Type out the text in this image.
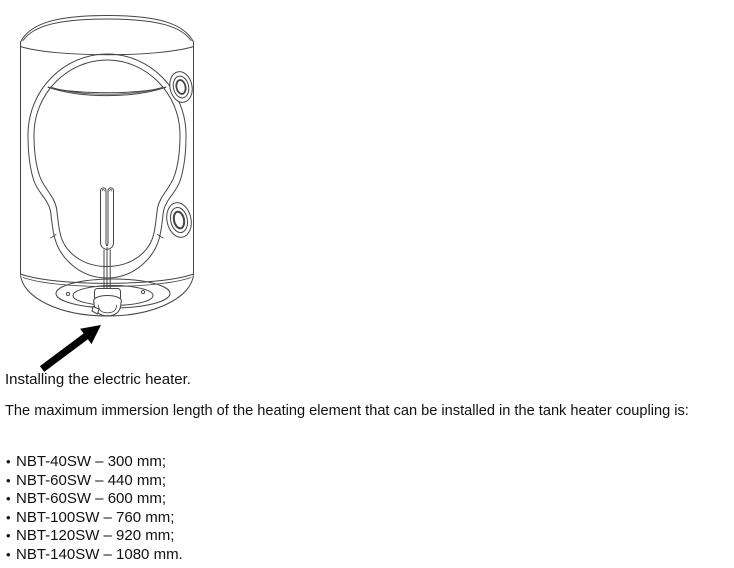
Installing the electric heater.
The maximum immersion length of the heating element that can be installed in the tank heater coupling is:
• NBT-40SW – 300 mm;
• NBT-60SW – 440 mm;
• NBT-60SW – 600 mm;
• NBT-100SW – 760 mm;
• NBT-120SW – 920 mm;
• NBT-140SW – 1080 mm.
